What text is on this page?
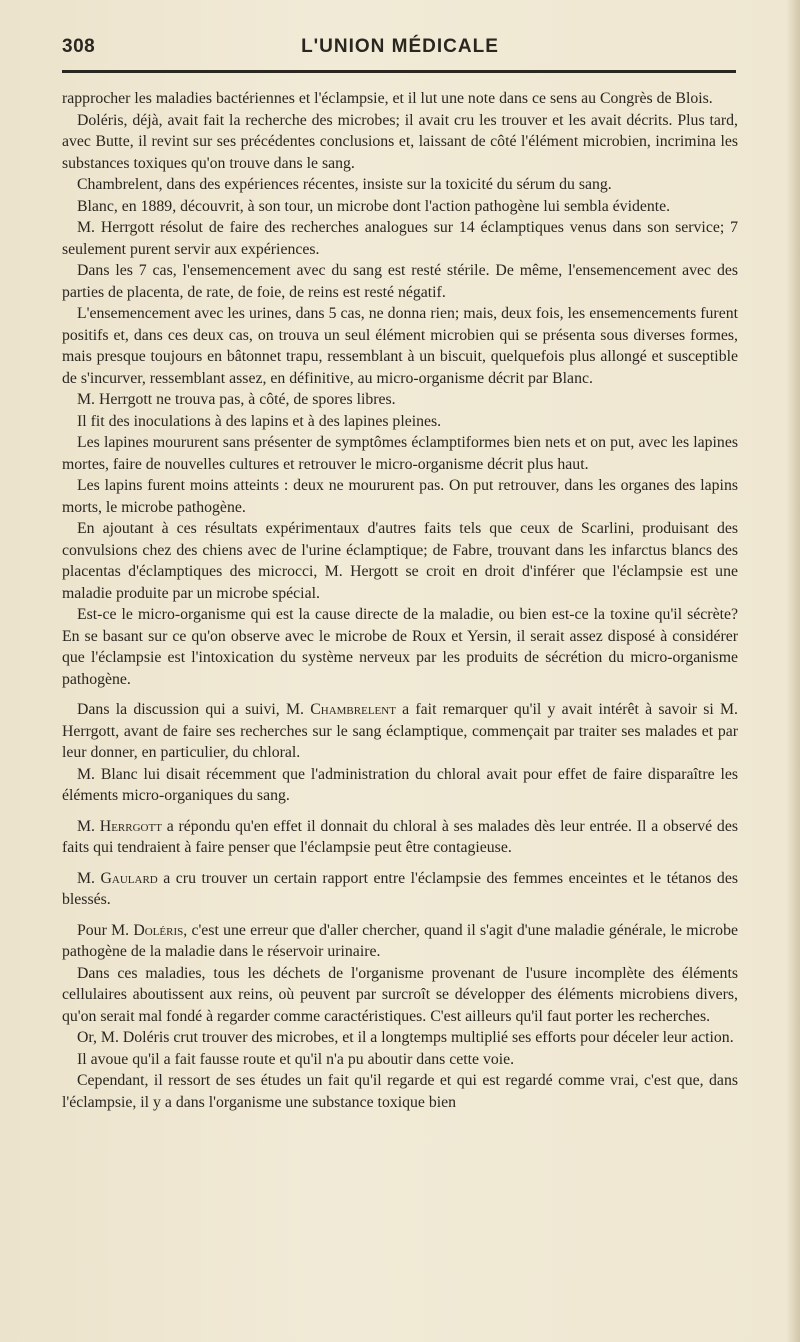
L'UNION MÉDICALE
308

rapprocher les maladies bactériennes et l'éclampsie, et il lut une note dans ce sens au Congrès de Blois.

Doléris, déjà, avait fait la recherche des microbes; il avait cru les trouver et les avait décrits. Plus tard, avec Butte, il revint sur ses précédentes conclusions et, laissant de côté l'élément microbien, incrimina les substances toxiques qu'on trouve dans le sang.

Chambrelent, dans des expériences récentes, insiste sur la toxicité du sérum du sang.

Blanc, en 1889, découvrit, à son tour, un microbe dont l'action pathogène lui sembla évidente.

M. Herrgott résolut de faire des recherches analogues sur 14 éclamptiques venus dans son service; 7 seulement purent servir aux expériences.

Dans les 7 cas, l'ensemencement avec du sang est resté stérile. De même, l'ensemencement avec des parties de placenta, de rate, de foie, de reins est resté négatif.

L'ensemencement avec les urines, dans 5 cas, ne donna rien; mais, deux fois, les ensemencements furent positifs et, dans ces deux cas, on trouva un seul élément microbien qui se présenta sous diverses formes, mais presque toujours en bâtonnet trapu, ressemblant à un biscuit, quelquefois plus allongé et susceptible de s'incurver, ressemblant assez, en définitive, au micro-organisme décrit par Blanc.

M. Herrgott ne trouva pas, à côté, de spores libres.

Il fit des inoculations à des lapins et à des lapines pleines.

Les lapines moururent sans présenter de symptômes éclamptiformes bien nets et on put, avec les lapines mortes, faire de nouvelles cultures et retrouver le micro-organisme décrit plus haut.

Les lapins furent moins atteints : deux ne moururent pas. On put retrouver, dans les organes des lapins morts, le microbe pathogène.

En ajoutant à ces résultats expérimentaux d'autres faits tels que ceux de Scarlini, produisant des convulsions chez des chiens avec de l'urine éclamptique; de Fabre, trouvant dans les infarctus blancs des placentas d'éclamptiques des microcci, M. Hergott se croit en droit d'inférer que l'éclampsie est une maladie produite par un microbe spécial.

Est-ce le micro-organisme qui est la cause directe de la maladie, ou bien est-ce la toxine qu'il sécrète? En se basant sur ce qu'on observe avec le microbe de Roux et Yersin, il serait assez disposé à considérer que l'éclampsie est l'intoxication du système nerveux par les produits de sécrétion du micro-organisme pathogène.

Dans la discussion qui a suivi, M. Chambrelent a fait remarquer qu'il y avait intérêt à savoir si M. Herrgott, avant de faire ses recherches sur le sang éclamptique, commençait par traiter ses malades et par leur donner, en particulier, du chloral.

M. Blanc lui disait récemment que l'administration du chloral avait pour effet de faire disparaître les éléments micro-organiques du sang.

M. Herrgott a répondu qu'en effet il donnait du chloral à ses malades dès leur entrée. Il a observé des faits qui tendraient à faire penser que l'éclampsie peut être contagieuse.

M. Gaulard a cru trouver un certain rapport entre l'éclampsie des femmes enceintes et le tétanos des blessés.

Pour M. Doléris, c'est une erreur que d'aller chercher, quand il s'agit d'une maladie générale, le microbe pathogène de la maladie dans le réservoir urinaire.

Dans ces maladies, tous les déchets de l'organisme provenant de l'usure incomplète des éléments cellulaires aboutissent aux reins, où peuvent par surcroît se développer des éléments microbiens divers, qu'on serait mal fondé à regarder comme caractéristiques. C'est ailleurs qu'il faut porter les recherches.

Or, M. Doléris crut trouver des microbes, et il a longtemps multiplié ses efforts pour déceler leur action.

Il avoue qu'il a fait fausse route et qu'il n'a pu aboutir dans cette voie.

Cependant, il ressort de ses études un fait qu'il regarde et qui est regardé comme vrai, c'est que, dans l'éclampsie, il y a dans l'organisme une substance toxique bien
